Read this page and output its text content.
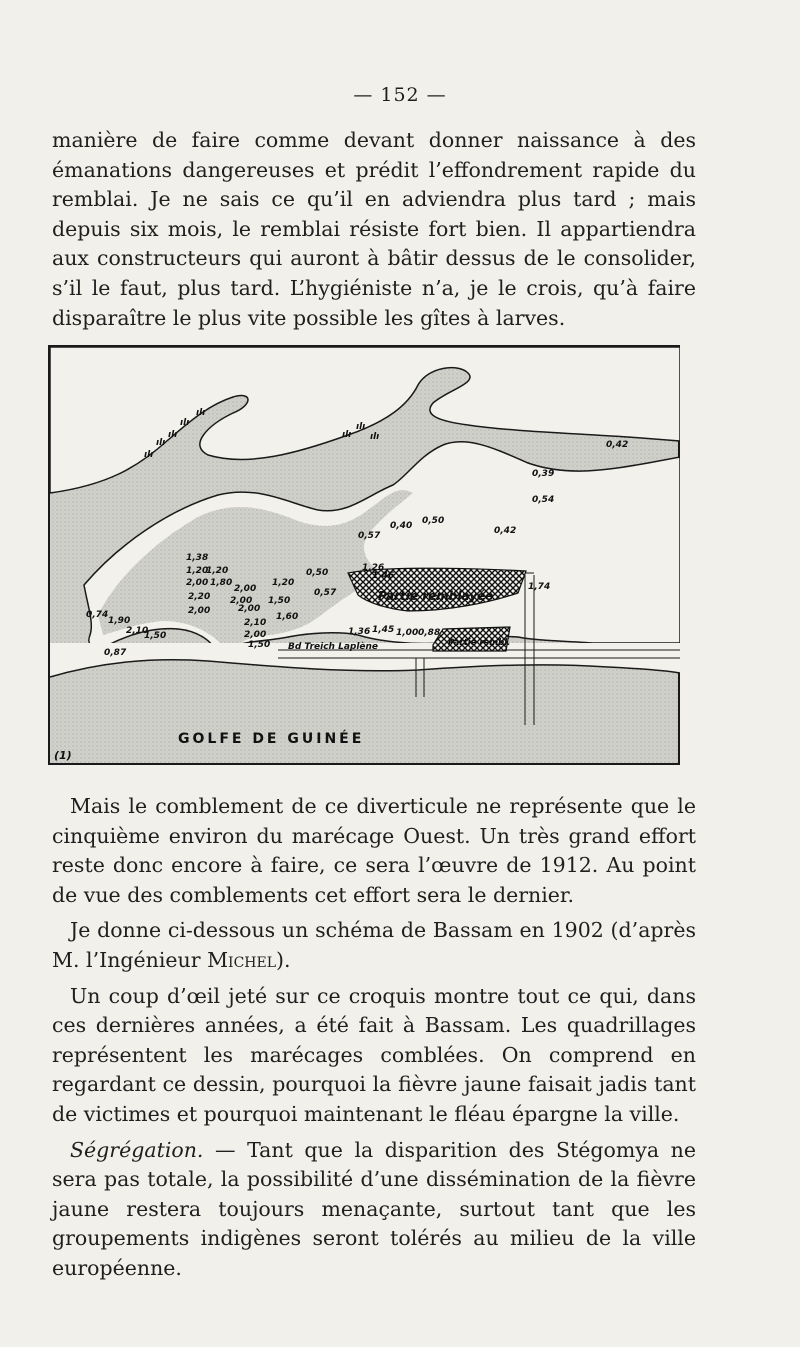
— 152 —

manière de faire comme devant donner naissance à des émanations dangereuses et prédit l’effondrement rapide du remblai. Je ne sais ce qu’il en adviendra plus tard ; mais depuis six mois, le remblai résiste fort bien. Il appartiendra aux constructeurs qui auront à bâtir dessus de le consolider, s’il le faut, plus tard. L’hygiéniste n’a, je le crois, qu’à faire disparaître le plus vite possible les gîtes à larves.

Partie remblayée
Partie rembl.
Bd Treich Laplène
GOLFE DE GUINÉE
(1)
ılı
ılı
ılı
ılı
ılı
ılı
ılı
ılı
0,42
0,39
0,54
0,50
0,40
0,57	0,42
1,26
1,46
1,74
1,38
1,20
1,20
2,00 1,80
2,00
1,20
0,50
2,20 2,00 1,50
0,57
2,00	2,00
1,60
2,10
0,74
1,90
2,10
1,50	2,00
1,50
0,87
1,36 1,45 1,00 0,88

Mais le comblement de ce diverticule ne représente que le cinquième environ du marécage Ouest. Un très grand effort reste donc encore à faire, ce sera l’œuvre de 1912. Au point de vue des comblements cet effort sera le dernier.

Je donne ci-dessous un schéma de Bassam en 1902 (d’après M. l’Ingénieur Michel).

Un coup d’œil jeté sur ce croquis montre tout ce qui, dans ces dernières années, a été fait à Bassam. Les quadrillages représentent les marécages comblées. On comprend en regardant ce dessin, pourquoi la fièvre jaune faisait jadis tant de victimes et pourquoi maintenant le fléau épargne la ville.

Ségrégation. — Tant que la disparition des Stégomya ne sera pas totale, la possibilité d’une dissémination de la fièvre jaune restera toujours menaçante, surtout tant que les groupements indigènes seront tolérés au milieu de la ville européenne.
